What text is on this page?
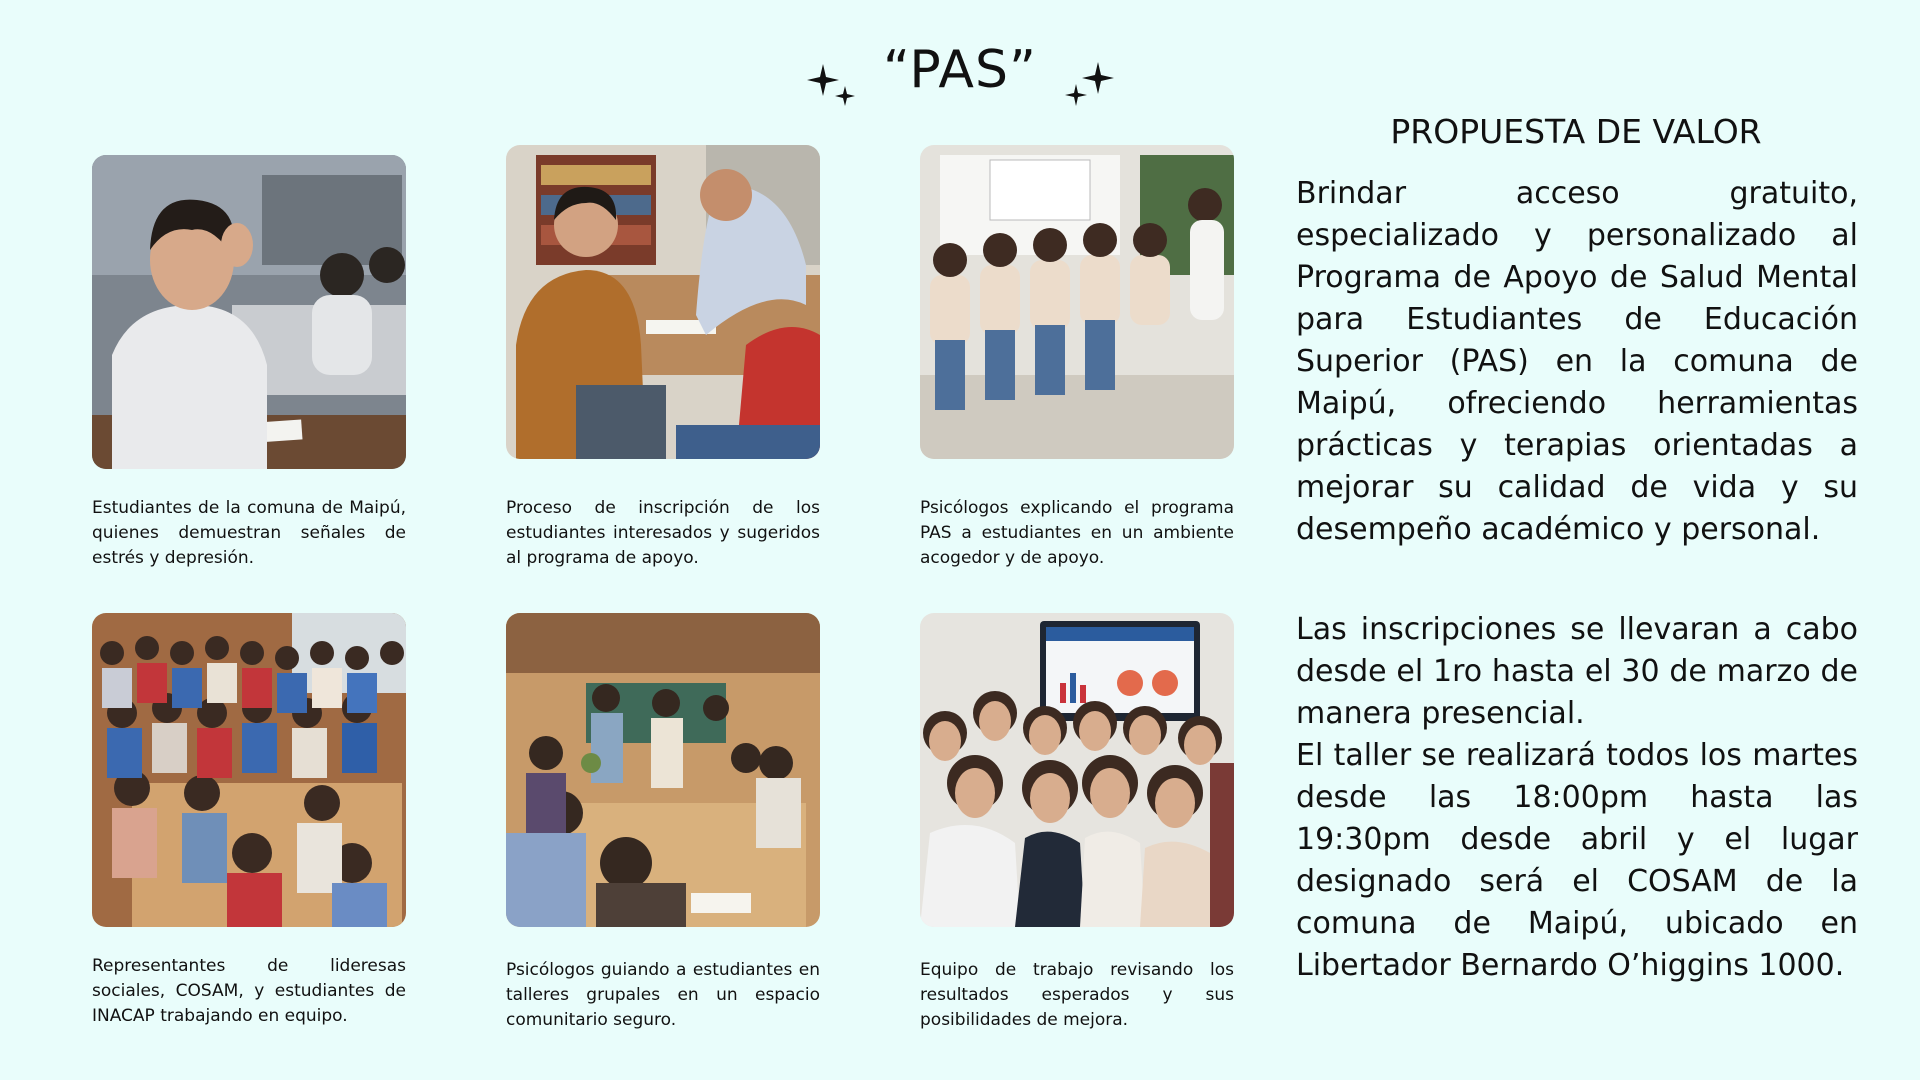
“PAS”
Estudiantes de la comuna de Maipú, quienes demuestran señales de estrés y depresión.
Proceso de inscripción de los estudiantes interesados y sugeridos al programa de apoyo.
Psicólogos explicando el programa PAS a estudiantes en un ambiente acogedor y de apoyo.
Representantes de lideresas sociales, COSAM, y estudiantes de INACAP trabajando en equipo.
Psicólogos guiando a estudiantes en talleres grupales en un espacio comunitario seguro.
Equipo de trabajo revisando los resultados esperados y sus posibilidades de mejora.
PROPUESTA DE VALOR

Brindar acceso gratuito, especializado y personalizado al Programa de Apoyo de Salud Mental para Estudiantes de Educación Superior (PAS) en la comuna de Maipú, ofreciendo herramientas prácticas y terapias orientadas a mejorar su calidad de vida y su desempeño académico y personal.

Las inscripciones se llevaran a cabo desde el 1ro hasta el 30 de marzo de manera presencial.

El taller se realizará todos los martes desde las 18:00pm hasta las 19:30pm desde abril y el lugar designado será el COSAM de la comuna de Maipú, ubicado en Libertador Bernardo O’higgins 1000.
